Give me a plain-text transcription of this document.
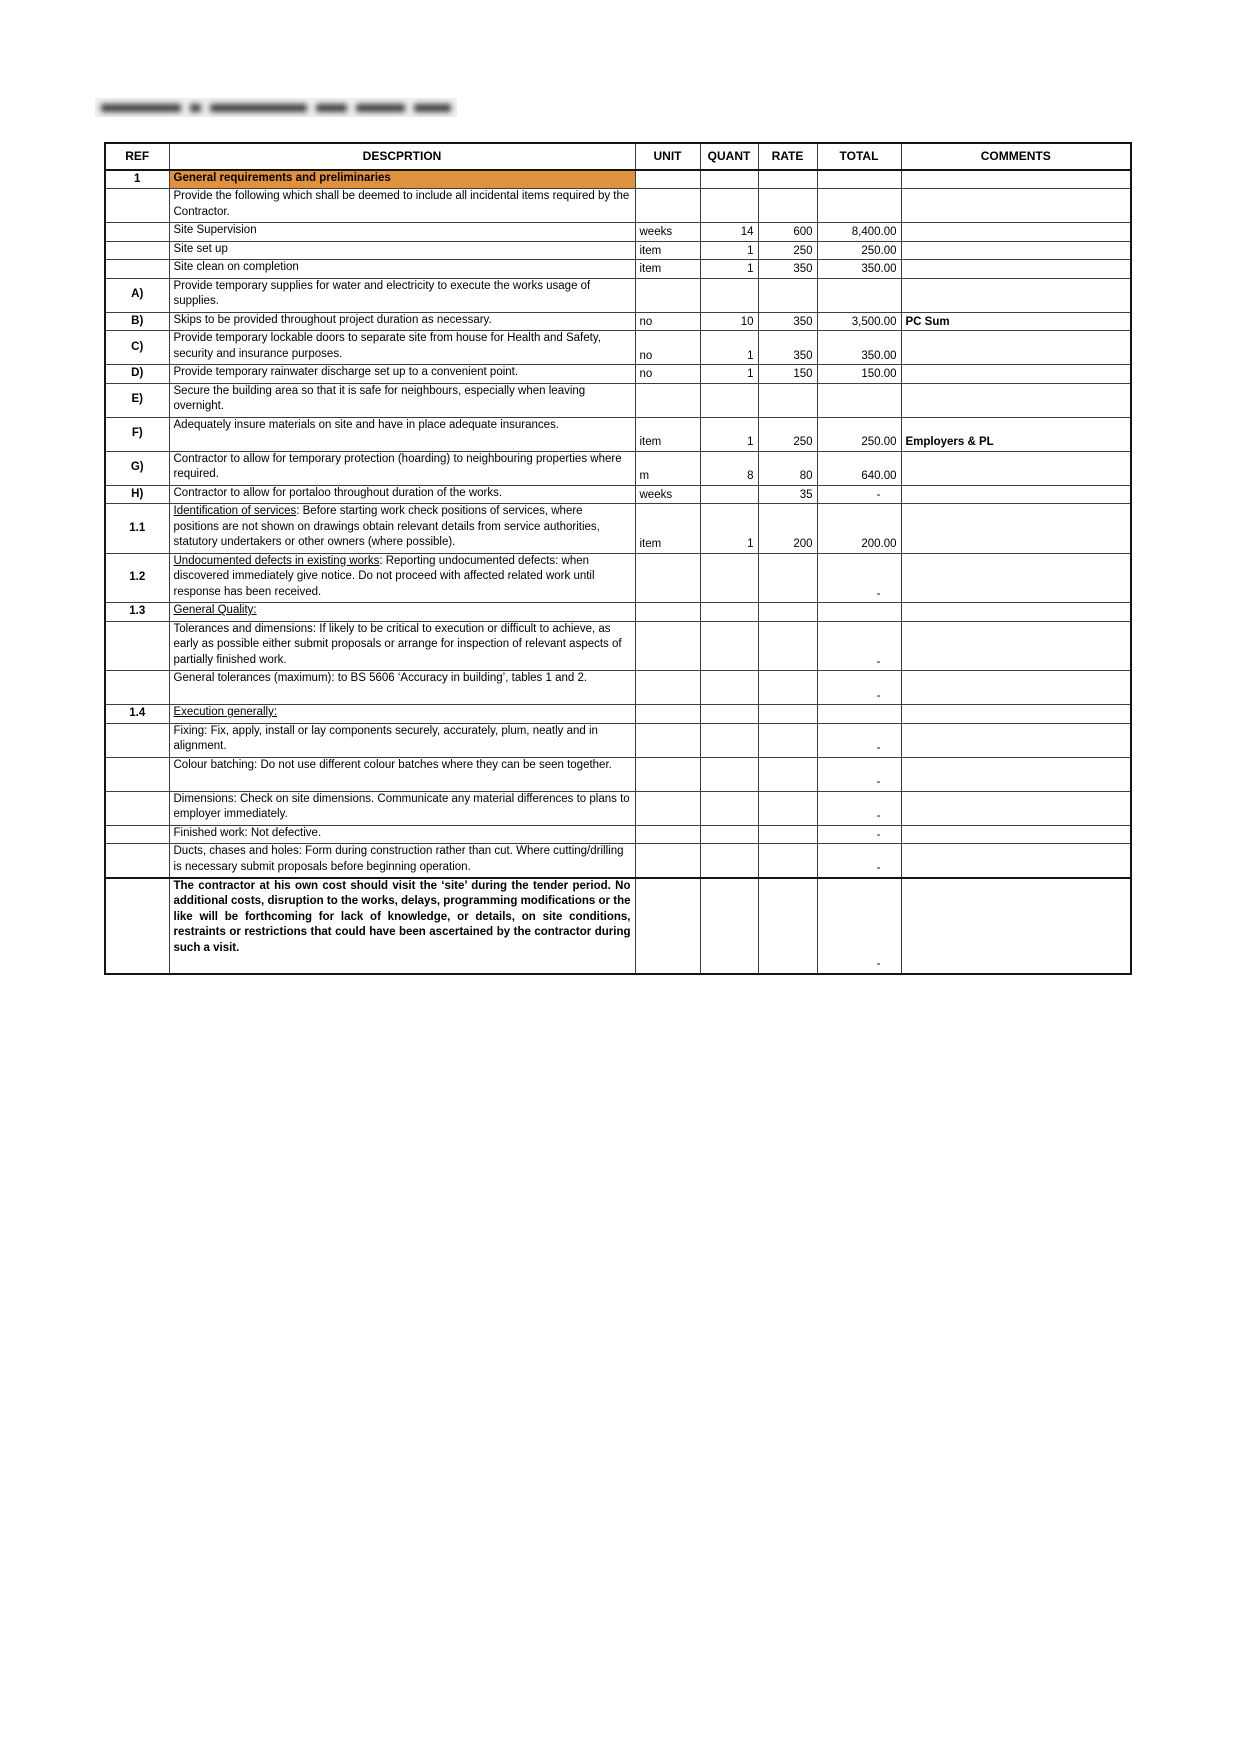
REF	DESCPRTION	UNIT	QUANT	RATE	TOTAL	COMMENTS
1	General requirements and preliminaries					
	Provide the following which shall be deemed to include all incidental items required by the Contractor.					
	Site Supervision	weeks	14	600	8,400.00	
	Site set up	item	1	250	250.00	
	Site clean on completion	item	1	350	350.00	
A)	Provide temporary supplies for water and electricity to execute the works usage of supplies.					
B)	Skips to be provided throughout project duration as necessary.	no	10	350	3,500.00	PC Sum
C)	Provide temporary lockable doors to separate site from house for Health and Safety, security and insurance purposes.	no	1	350	350.00	
D)	Provide temporary rainwater discharge set up to a convenient point.	no	1	150	150.00	
E)	Secure the building area so that it is safe for neighbours, especially when leaving overnight.					
F)	Adequately insure materials on site and have in place adequate insurances.	item	1	250	250.00	Employers & PL
G)	Contractor to allow for temporary protection (hoarding) to neighbouring properties where required.	m	8	80	640.00	
H)	Contractor to allow for portaloo throughout duration of the works.	weeks		35	-	
1.1	Identification of services: Before starting work check positions of services, where positions are not shown on drawings obtain relevant details from service authorities, statutory undertakers or other owners (where possible).	item	1	200	200.00	
1.2	Undocumented defects in existing works: Reporting undocumented defects: when discovered immediately give notice. Do not proceed with affected related work until response has been received.				-	
1.3	General Quality:					
	Tolerances and dimensions: If likely to be critical to execution or difficult to achieve, as early as possible either submit proposals or arrange for inspection of relevant aspects of partially finished work.				-	
	General tolerances (maximum): to BS 5606 ‘Accuracy in building’, tables 1 and 2.				-	
1.4	Execution generally:					
	Fixing: Fix, apply, install or lay components securely, accurately, plum, neatly and in alignment.				-	
	Colour batching: Do not use different colour batches where they can be seen together.				-	
	Dimensions: Check on site dimensions. Communicate any material differences to plans to employer immediately.				-	
	Finished work: Not defective.				-	
	Ducts, chases and holes: Form during construction rather than cut. Where cutting/drilling is necessary submit proposals before beginning operation.				-	
	The contractor at his own cost should visit the ‘site’ during the tender period. No additional costs, disruption to the works, delays, programming modifications or the like will be forthcoming for lack of knowledge, or details, on site conditions, restraints or restrictions that could have been ascertained by the contractor during such a visit.				-	
